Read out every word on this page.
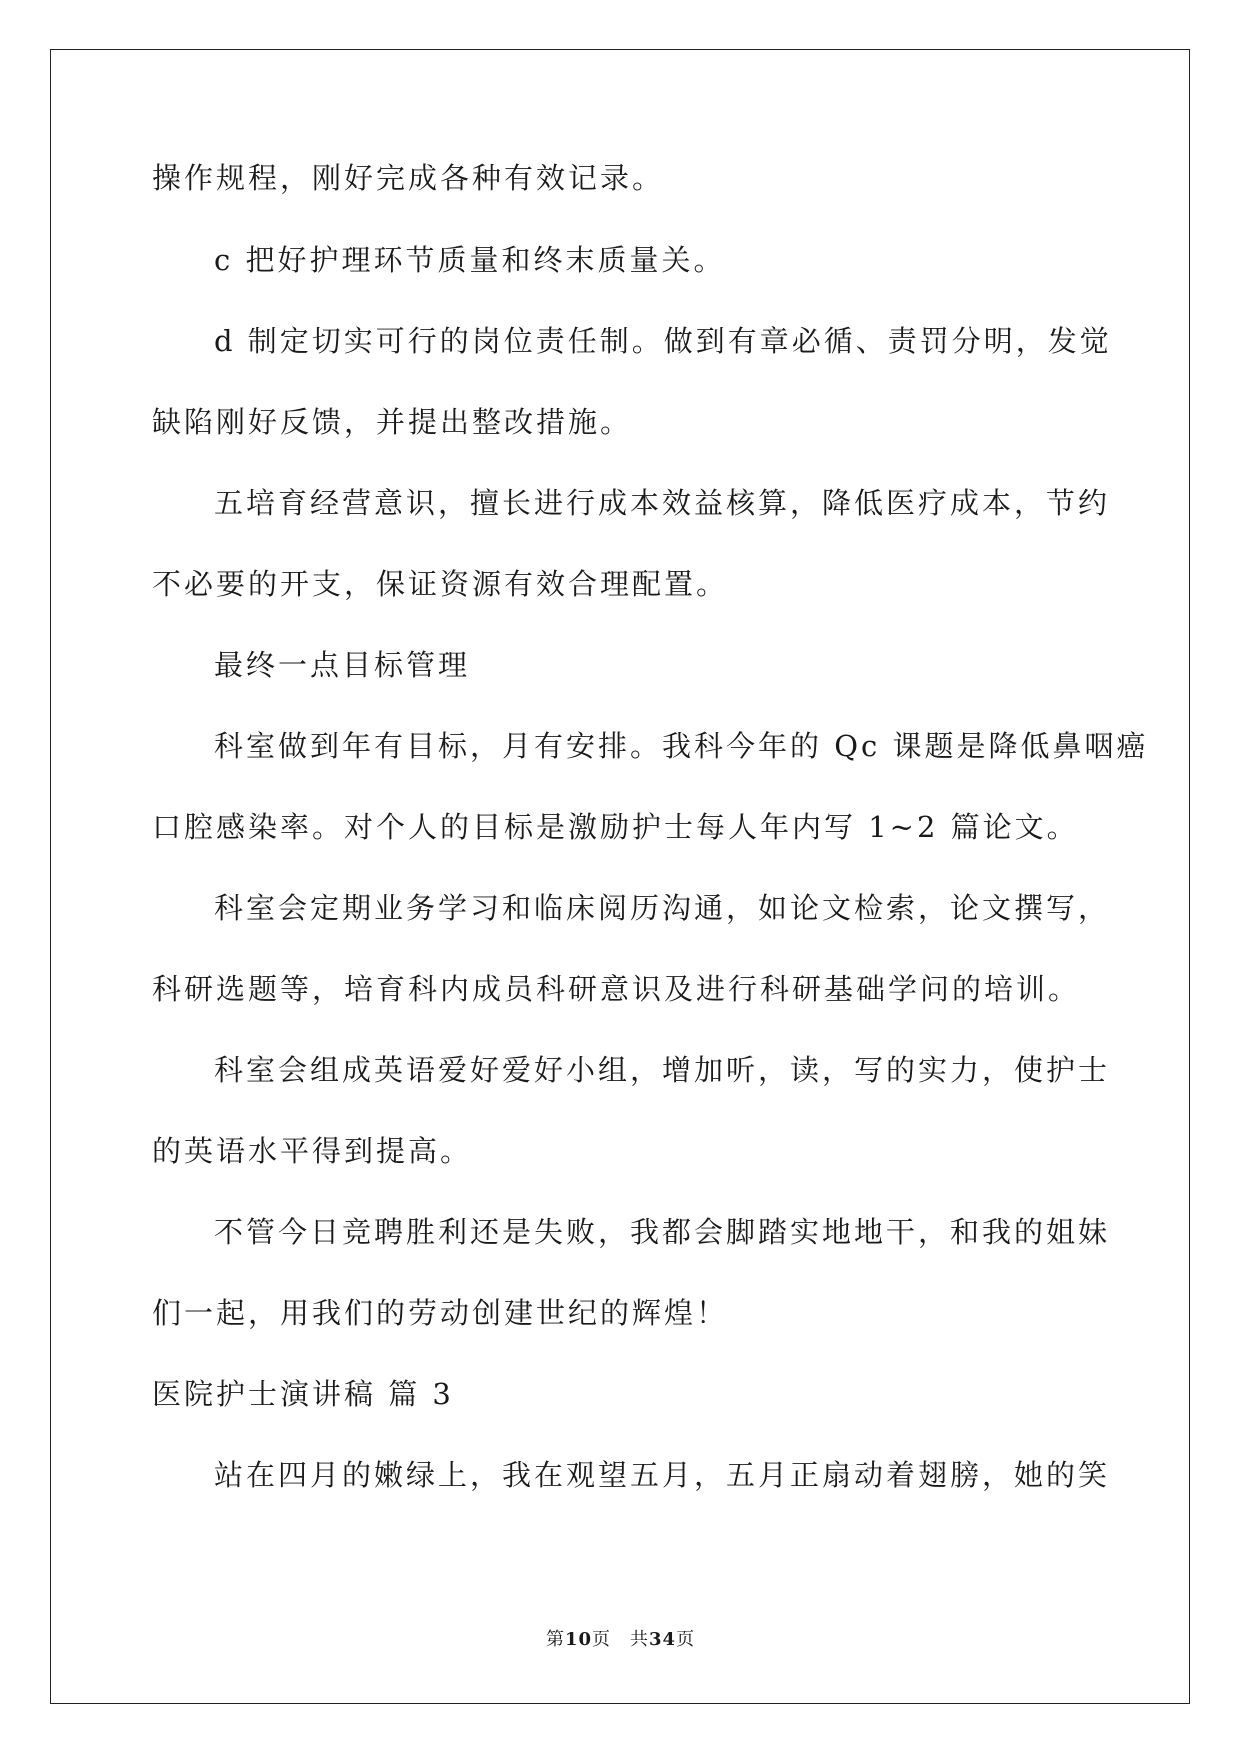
操作规程，刚好完成各种有效记录。
c 把好护理环节质量和终末质量关。
d 制定切实可行的岗位责任制。做到有章必循、责罚分明，发觉
缺陷刚好反馈，并提出整改措施。
五培育经营意识，擅长进行成本效益核算，降低医疗成本，节约
不必要的开支，保证资源有效合理配置。
最终一点目标管理
科室做到年有目标，月有安排。我科今年的 Qc 课题是降低鼻咽癌
口腔感染率。对个人的目标是激励护士每人年内写 1~2 篇论文。
科室会定期业务学习和临床阅历沟通，如论文检索，论文撰写，
科研选题等，培育科内成员科研意识及进行科研基础学问的培训。
科室会组成英语爱好爱好小组，增加听，读，写的实力，使护士
的英语水平得到提高。
不管今日竞聘胜利还是失败，我都会脚踏实地地干，和我的姐妹
们一起，用我们的劳动创建世纪的辉煌！
医院护士演讲稿 篇 3
站在四月的嫩绿上，我在观望五月，五月正扇动着翅膀，她的笑
第10页　共34页
